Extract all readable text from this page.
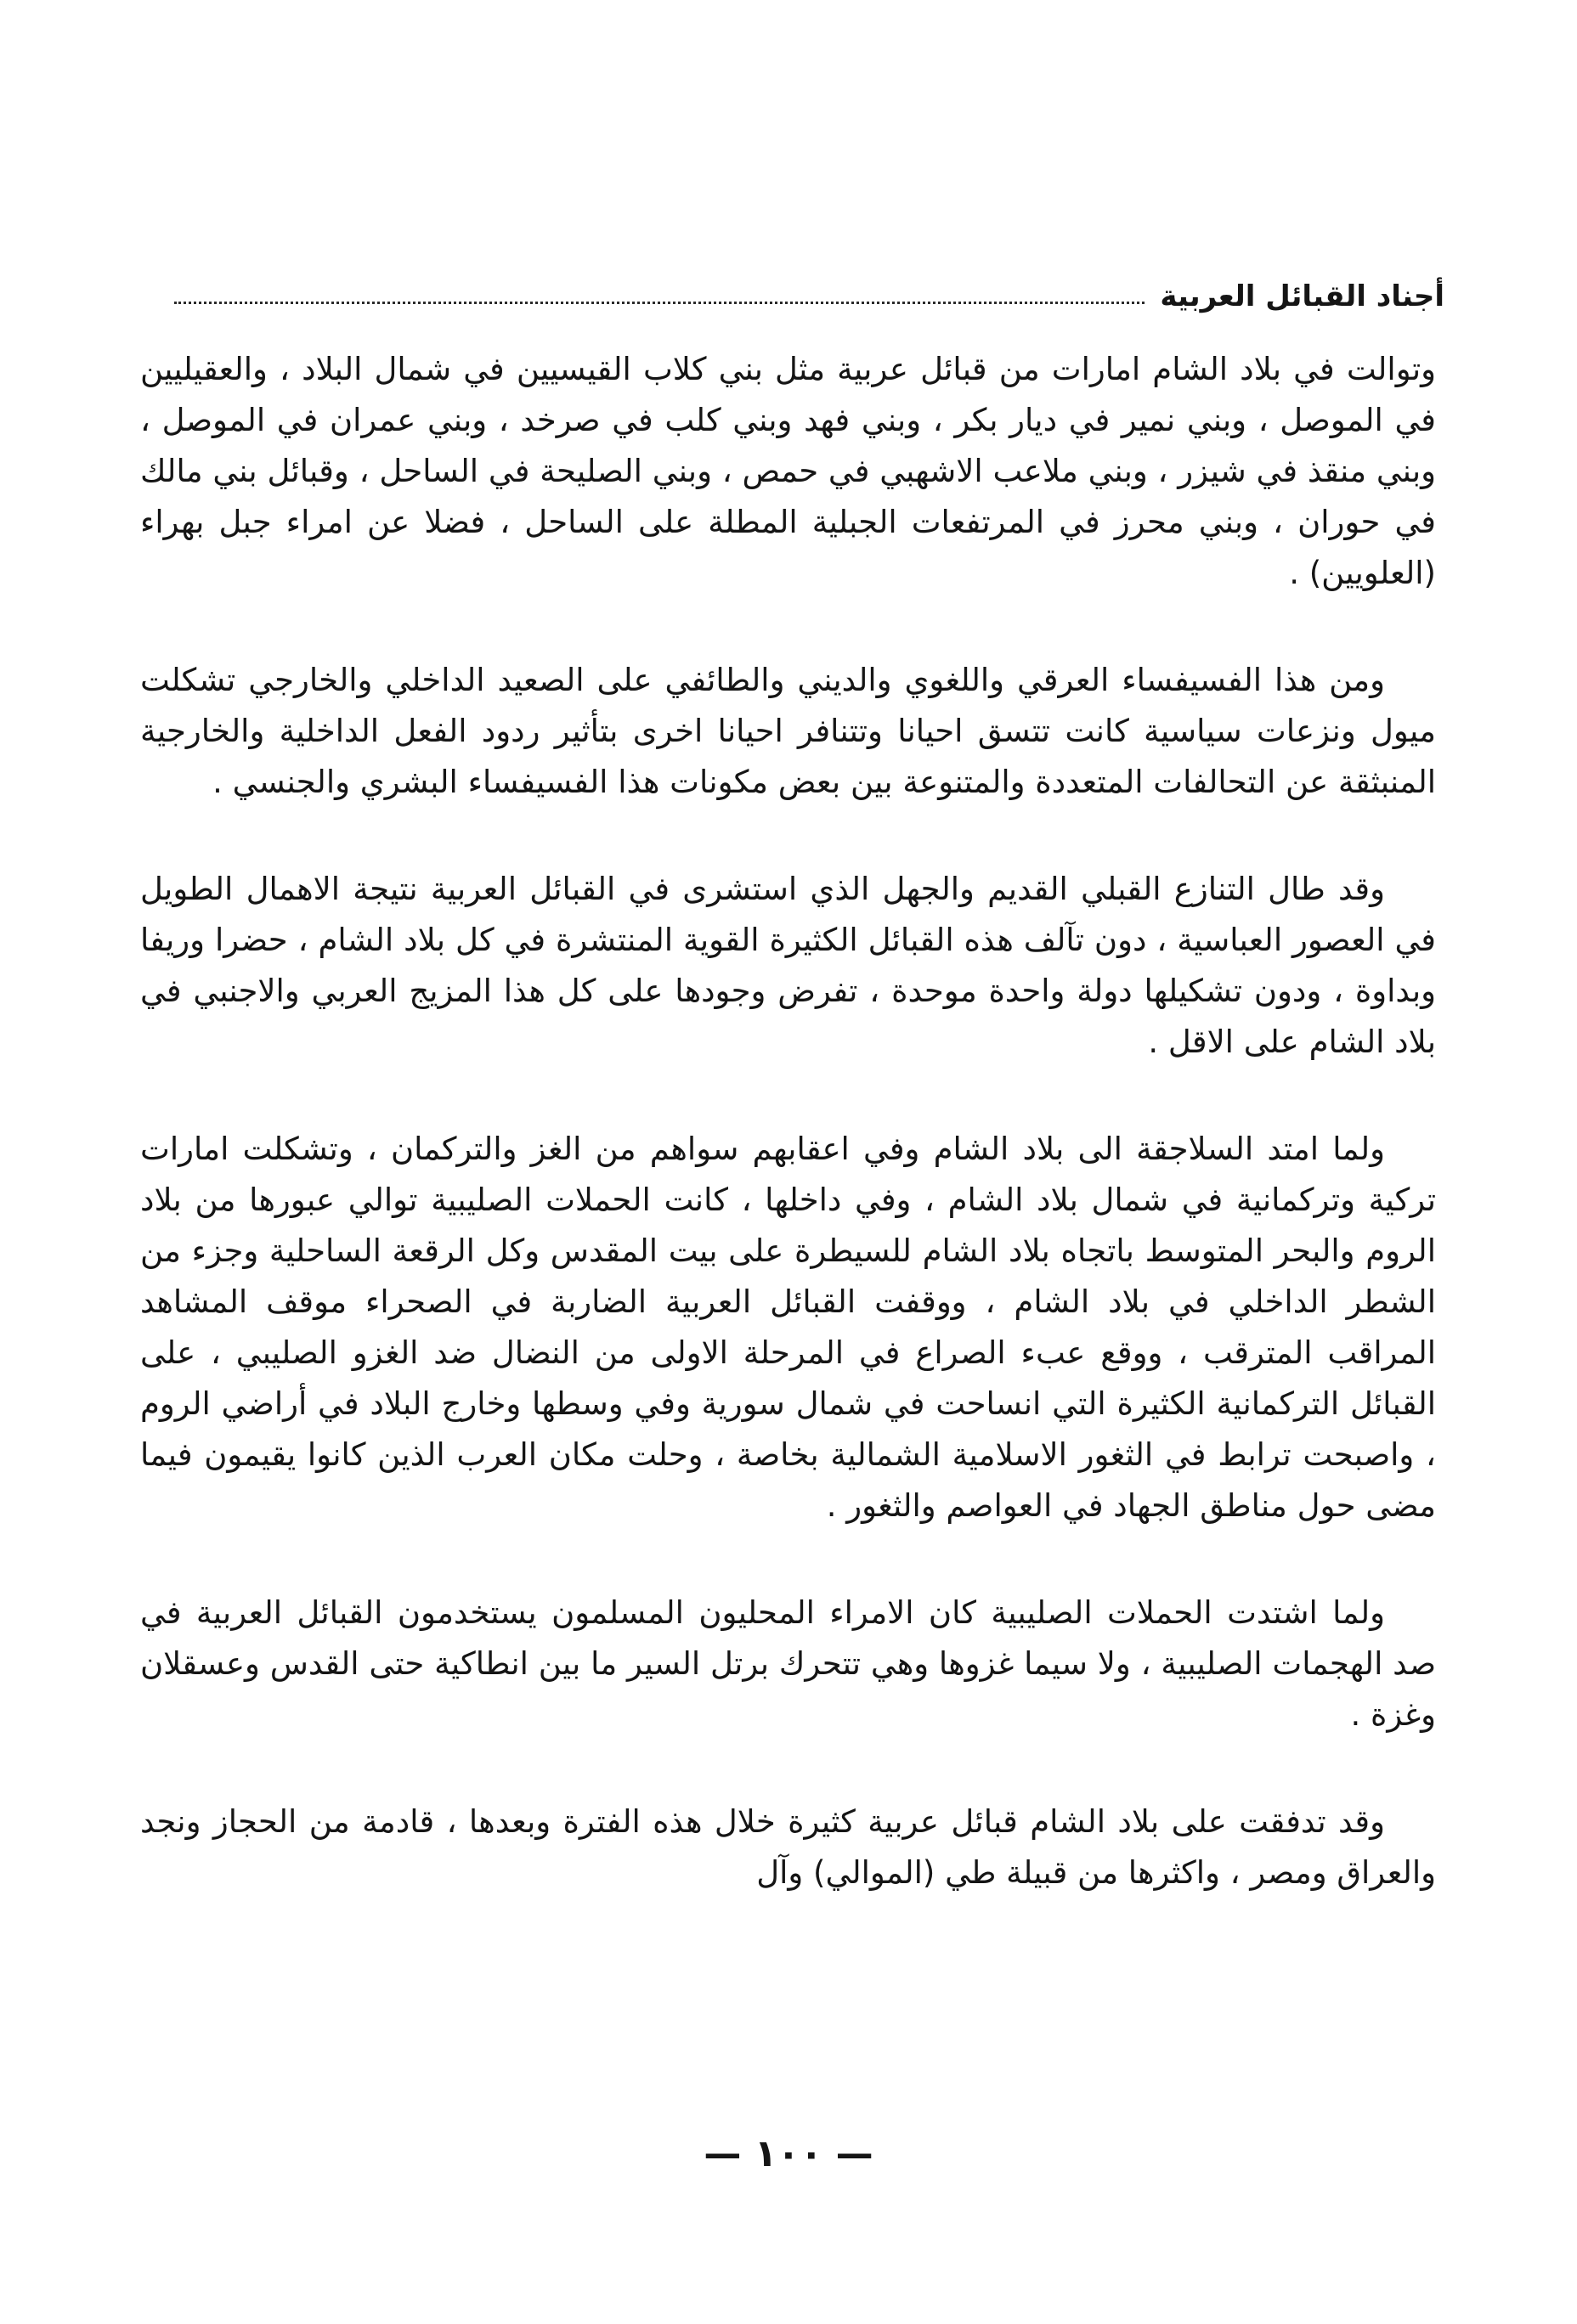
أجناد القبائل العربية

وتوالت في بلاد الشام امارات من قبائل عربية مثل بني كلاب القيسيين في شمال البلاد ، والعقيليين في الموصل ، وبني نمير في ديار بكر ، وبني فهد وبني كلب في صرخد ، وبني عمران في الموصل ، وبني منقذ في شيزر ، وبني ملاعب الاشهبي في حمص ، وبني الصليحة في الساحل ، وقبائل بني مالك في حوران ، وبني محرز في المرتفعات الجبلية المطلة على الساحل ، فضلا عن امراء جبل بهراء (العلويين) .

ومن هذا الفسيفساء العرقي واللغوي والديني والطائفي على الصعيد الداخلي والخارجي تشكلت ميول ونزعات سياسية كانت تتسق احيانا وتتنافر احيانا اخرى بتأثير ردود الفعل الداخلية والخارجية المنبثقة عن التحالفات المتعددة والمتنوعة بين بعض مكونات هذا الفسيفساء البشري والجنسي .

وقد طال التنازع القبلي القديم والجهل الذي استشرى في القبائل العربية نتيجة الاهمال الطويل في العصور العباسية ، دون تآلف هذه القبائل الكثيرة القوية المنتشرة في كل بلاد الشام ، حضرا وريفا وبداوة ، ودون تشكيلها دولة واحدة موحدة ، تفرض وجودها على كل هذا المزيج العربي والاجنبي في بلاد الشام على الاقل .

ولما امتد السلاجقة الى بلاد الشام وفي اعقابهم سواهم من الغز والتركمان ، وتشكلت امارات تركية وتركمانية في شمال بلاد الشام ، وفي داخلها ، كانت الحملات الصليبية توالي عبورها من بلاد الروم والبحر المتوسط باتجاه بلاد الشام للسيطرة على بيت المقدس وكل الرقعة الساحلية وجزء من الشطر الداخلي في بلاد الشام ، ووقفت القبائل العربية الضاربة في الصحراء موقف المشاهد المراقب المترقب ، ووقع عبء الصراع في المرحلة الاولى من النضال ضد الغزو الصليبي ، على القبائل التركمانية الكثيرة التي انساحت في شمال سورية وفي وسطها وخارج البلاد في أراضي الروم ، واصبحت ترابط في الثغور الاسلامية الشمالية بخاصة ، وحلت مكان العرب الذين كانوا يقيمون فيما مضى حول مناطق الجهاد في العواصم والثغور .

ولما اشتدت الحملات الصليبية كان الامراء المحليون المسلمون يستخدمون القبائل العربية في صد الهجمات الصليبية ، ولا سيما غزوها وهي تتحرك برتل السير ما بين انطاكية حتى القدس وعسقلان وغزة .

وقد تدفقت على بلاد الشام قبائل عربية كثيرة خلال هذه الفترة وبعدها ، قادمة من الحجاز ونجد والعراق ومصر ، واكثرها من قبيلة طي (الموالي) وآل

— ١٠٠ —
